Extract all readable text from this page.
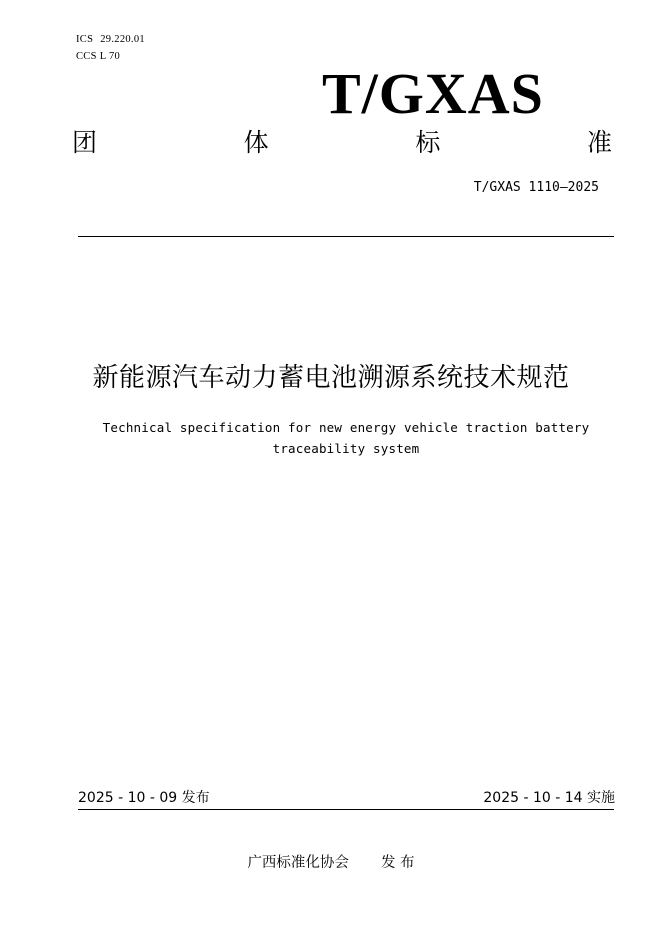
ICS 29.220.01
CCS L 70
T/GXAS
团	体	标	准
T/GXAS 1110—2025
新能源汽车动力蓄电池溯源系统技术规范
Technical specification for new energy vehicle traction battery
traceability system
2025 - 10 - 09 发布	2025 - 10 - 14 实施
广西标准化协会 发 布
